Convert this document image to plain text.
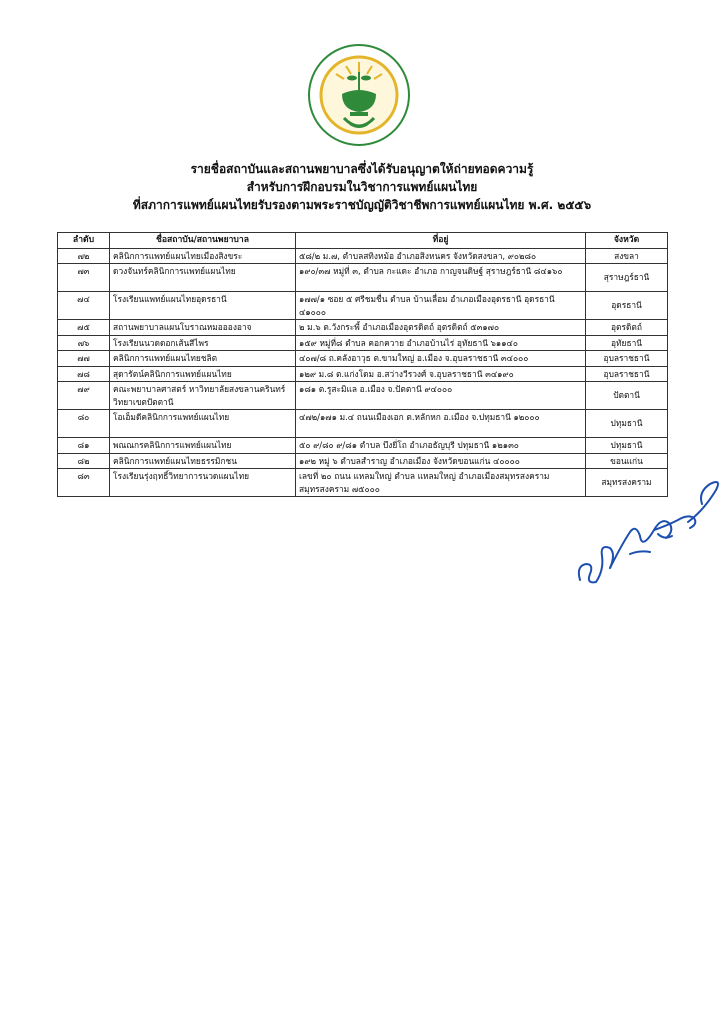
รายชื่อสถาบันและสถานพยาบาลซึ่งได้รับอนุญาตให้ถ่ายทอดความรู้
สำหรับการฝึกอบรมในวิชาการแพทย์แผนไทย
ที่สภาการแพทย์แผนไทยรับรองตามพระราชบัญญัติวิชาชีพการแพทย์แผนไทย พ.ศ. ๒๕๕๖
ลำดับ	ชื่อสถาบัน/สถานพยาบาล	ที่อยู่	จังหวัด
๗๒	คลินิกการแพทย์แผนไทยเมืองสิงขระ	๕๘/๒ ม.๗, ตำบลสทิงหม้อ อำเภอสิงหนคร จังหวัดสงขลา, ๙๐๒๘๐	สงขลา
๗๓	ดวงจันทร์คลินิกการแพทย์แผนไทย	๑๙๐/๓๗ หมู่ที่ ๓, ตำบล กะแดะ อำเภอ กาญจนดิษฐ์ สุราษฎร์ธานี ๘๔๑๖๐	สุราษฎร์ธานี
๗๔	โรงเรียนแพทย์แผนไทยอุดรธานี	๑๗๗/๑ ซอย ๕ ศรีชมชื่น ตำบล บ้านเลื่อม อำเภอเมืองอุดรธานี อุดรธานี ๔๑๐๐๐	อุดรธานี
๗๕	สถานพยาบาลแผนโบราณหมออองอาจ	๒ ม.๖ ต.วังกระพี้ อำเภอเมืองอุตรดิตถ์ อุตรดิตถ์ ๕๓๑๗๐	อุตรดิตถ์
๗๖	โรงเรียนนวดดอกเส้นสีไพร	๑๕๙ หมู่ที่๘ ตำบล คอกควาย อำเภอบ้านไร่ อุทัยธานี ๖๑๑๔๐	อุทัยธานี
๗๗	คลินิกการแพทย์แผนไทยชลิต	๔๐๗/๘ ถ.คลังอาวุธ ต.ขามใหญ่ อ.เมือง จ.อุบลราชธานี ๓๔๐๐๐	อุบลราชธานี
๗๘	สุดารัตน์คลินิกการแพทย์แผนไทย	๑๒๙ ม.๘ ต.แก่งโดม อ.สว่างวีรวงศ์ จ.อุบลราชธานี ๓๔๑๙๐	อุบลราชธานี
๗๙	คณะพยาบาลศาสตร์ หาวิทยาลัยสงขลานครินทร์ วิทยาเขตปัตตานี	๑๘๑ ต.รูสะมิแล อ.เมือง จ.ปัตตานี ๙๔๐๐๐	ปัตตานี
๘๐	โอเอ็มดีคลินิกการแพทย์แผนไทย	๔๗๒/๑๗๑ ม.๔ ถนนเมืองเอก ต.หลักหก อ.เมือง จ.ปทุมธานี ๑๒๐๐๐	ปทุมธานี
๘๑	พณณกรคลินิกการแพทย์แผนไทย	๕๐ ๙/๘๐ ๙/๘๑ ตำบล บึงยี่โถ อำเภอธัญบุรี ปทุมธานี ๑๒๑๓๐	ปทุมธานี
๘๒	คลินิกการแพทย์แผนไทยธรรมิกชน	๑๙๒ หมู่ ๖ ตำบลสำราญ อำเภอเมือง จังหวัดขอนแก่น ๔๐๐๐๐	ขอนแก่น
๘๓	โรงเรียนรุ่งฤทธิ์วิทยาการนวดแผนไทย	เลขที่ ๒๐ ถนน แหลมใหญ่ ตำบล แหลมใหญ่ อำเภอเมืองสมุทรสงคราม สมุทรสงคราม ๗๕๐๐๐	สมุทรสงคราม
